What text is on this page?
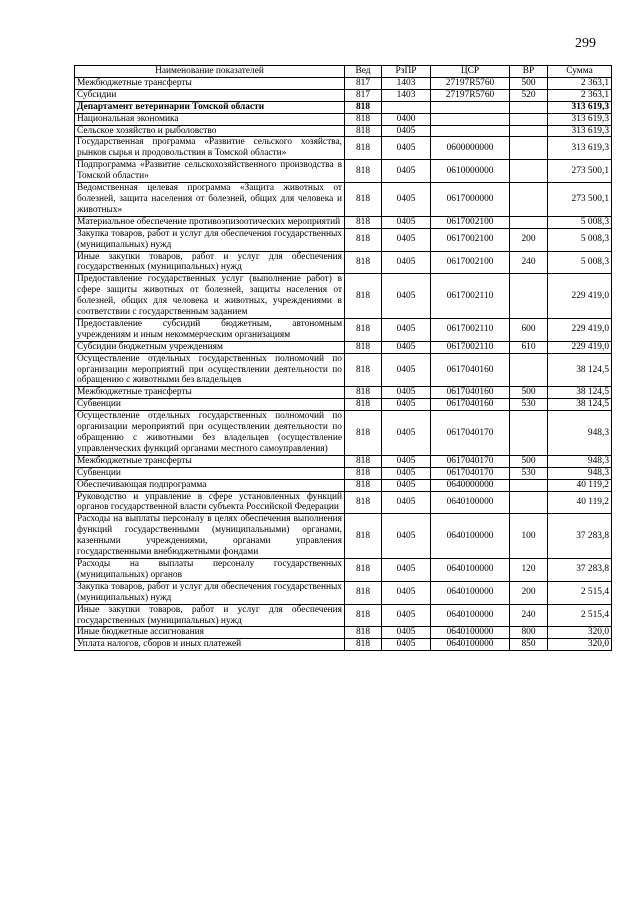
299
Наименование показателей	Вед	РзПР	ЦСР	ВР	Сумма
Межбюджетные трансферты	817	1403	27197R5760	500	2 363,1
Субсидии	817	1403	27197R5760	520	2 363,1
Департамент ветеринарии Томской области	818				313 619,3
Национальная экономика	818	0400			313 619,3
Сельское хозяйство и рыболовство	818	0405			313 619,3
Государственная программа «Развитие сельского хозяйства, рынков сырья и продовольствия в Томской области»	818	0405	0600000000		313 619,3
Подпрограмма «Развитие сельскохозяйственного производства в Томской области»	818	0405	0610000000		273 500,1
Ведомственная целевая программа «Защита животных от болезней, защита населения от болезней, общих для человека и животных»	818	0405	0617000000		273 500,1
Материальное обеспечение противоэпизоотических мероприятий	818	0405	0617002100		5 008,3
Закупка товаров, работ и услуг для обеспечения государственных (муниципальных) нужд	818	0405	0617002100	200	5 008,3
Иные закупки товаров, работ и услуг для обеспечения государственных (муниципальных) нужд	818	0405	0617002100	240	5 008,3
Предоставление государственных услуг (выполнение работ) в сфере защиты животных от болезней, защиты населения от болезней, общих для человека и животных, учреждениями в соответствии с государственным заданием	818	0405	0617002110		229 419,0
Предоставление субсидий бюджетным, автономным учреждениям и иным некоммерческим организациям	818	0405	0617002110	600	229 419,0
Субсидии бюджетным учреждениям	818	0405	0617002110	610	229 419,0
Осуществление отдельных государственных полномочий по организации мероприятий при осуществлении деятельности по обращению с животными без владельцев	818	0405	0617040160		38 124,5
Межбюджетные трансферты	818	0405	0617040160	500	38 124,5
Субвенции	818	0405	0617040160	530	38 124,5
Осуществление отдельных государственных полномочий по организации мероприятий при осуществлении деятельности по обращению с животными без владельцев (осуществление управленческих функций органами местного самоуправления)	818	0405	0617040170		948,3
Межбюджетные трансферты	818	0405	0617040170	500	948,3
Субвенции	818	0405	0617040170	530	948,3
Обеспечивающая подпрограмма	818	0405	0640000000		40 119,2
Руководство и управление в сфере установленных функций органов государственной власти субъекта Российской Федерации	818	0405	0640100000		40 119,2
Расходы на выплаты персоналу в целях обеспечения выполнения функций государственными (муниципальными) органами, казенными учреждениями, органами управления государственными внебюджетными фондами	818	0405	0640100000	100	37 283,8
Расходы на выплаты персоналу государственных (муниципальных) органов	818	0405	0640100000	120	37 283,8
Закупка товаров, работ и услуг для обеспечения государственных (муниципальных) нужд	818	0405	0640100000	200	2 515,4
Иные закупки товаров, работ и услуг для обеспечения государственных (муниципальных) нужд	818	0405	0640100000	240	2 515,4
Иные бюджетные ассигнования	818	0405	0640100000	800	320,0
Уплата налогов, сборов и иных платежей	818	0405	0640100000	850	320,0
